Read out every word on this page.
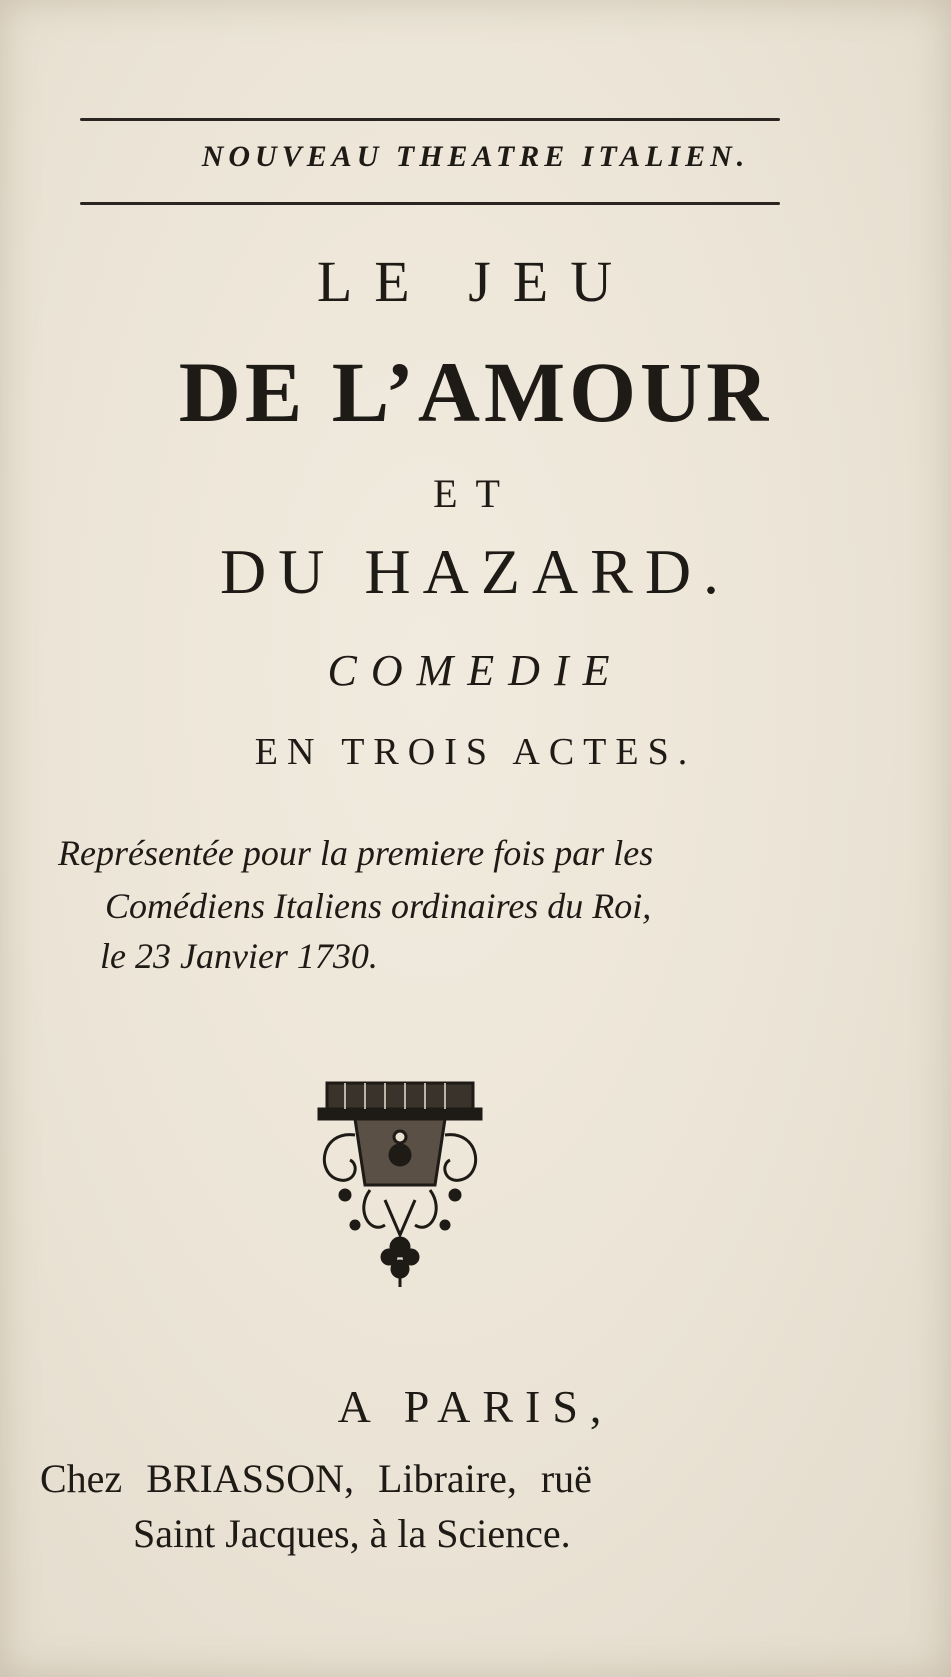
NOUVEAU THEATRE ITALIEN.
LE JEU
DE L’AMOUR
ET
DU HAZARD.
COMEDIE
EN TROIS ACTES.
Représentée pour la premiere fois par les
Comédiens Italiens ordinaires du Roi,
le 23 Janvier 1730.
A PARIS,
Chez BRIASSON, Libraire, ruë
Saint Jacques, à la Science.
